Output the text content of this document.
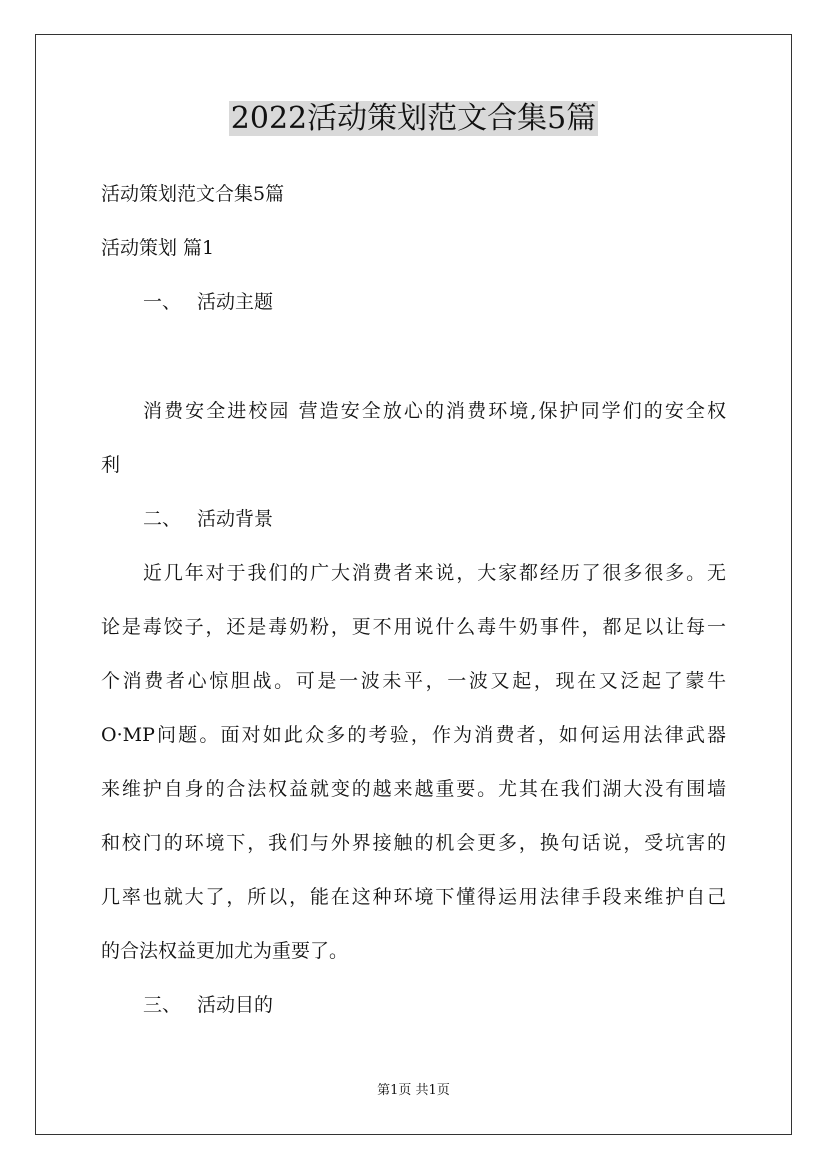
2022活动策划范文合集5篇
活动策划范文合集5篇
活动策划 篇1
一、 活动主题
消费安全进校园 营造安全放心的消费环境,保护同学们的安全权
利
二、 活动背景
近几年对于我们的广大消费者来说，大家都经历了很多很多。无
论是毒饺子，还是毒奶粉，更不用说什么毒牛奶事件，都足以让每一
个消费者心惊胆战。可是一波未平，一波又起，现在又泛起了蒙牛
O·MP问题。面对如此众多的考验，作为消费者，如何运用法律武器
来维护自身的合法权益就变的越来越重要。尤其在我们湖大没有围墙
和校门的环境下，我们与外界接触的机会更多，换句话说，受坑害的
几率也就大了，所以，能在这种环境下懂得运用法律手段来维护自己
的合法权益更加尤为重要了。
三、 活动目的
第1页 共1页
